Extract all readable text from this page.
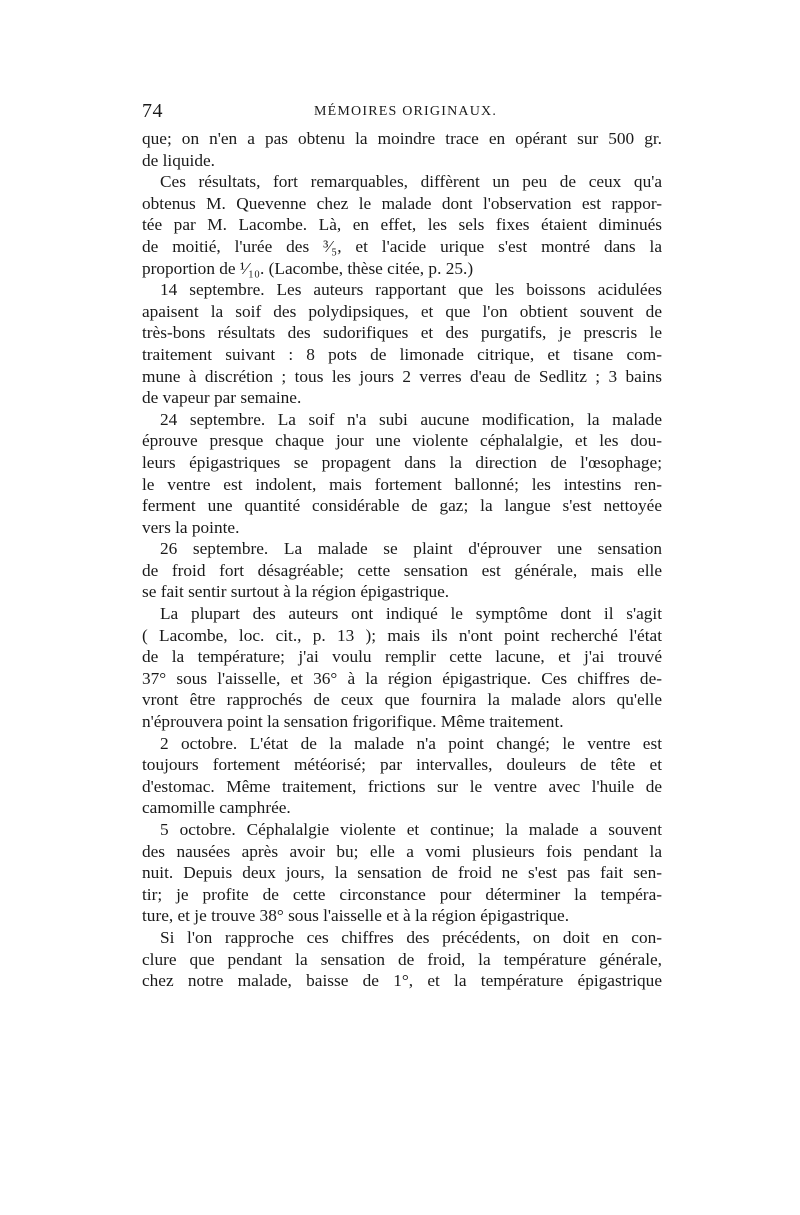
74	MÉMOIRES ORIGINAUX.
que; on n'en a pas obtenu la moindre trace en opérant sur 500 gr.
de liquide.
Ces résultats, fort remarquables, diffèrent un peu de ceux qu'a
obtenus M. Quevenne chez le malade dont l'observation est rappor-
tée par M. Lacombe. Là, en effet, les sels fixes étaient diminués
de moitié, l'urée des ³⁄₅, et l'acide urique s'est montré dans la
proportion de ¹⁄₁₀. (Lacombe, thèse citée, p. 25.)
14 septembre. Les auteurs rapportant que les boissons acidulées
apaisent la soif des polydipsiques, et que l'on obtient souvent de
très-bons résultats des sudorifiques et des purgatifs, je prescris le
traitement suivant : 8 pots de limonade citrique, et tisane com-
mune à discrétion ; tous les jours 2 verres d'eau de Sedlitz ; 3 bains
de vapeur par semaine.
24 septembre. La soif n'a subi aucune modification, la malade
éprouve presque chaque jour une violente céphalalgie, et les dou-
leurs épigastriques se propagent dans la direction de l'œsophage;
le ventre est indolent, mais fortement ballonné; les intestins ren-
ferment une quantité considérable de gaz; la langue s'est nettoyée
vers la pointe.
26 septembre. La malade se plaint d'éprouver une sensation
de froid fort désagréable; cette sensation est générale, mais elle
se fait sentir surtout à la région épigastrique.
La plupart des auteurs ont indiqué le symptôme dont il s'agit
( Lacombe, loc. cit., p. 13 ); mais ils n'ont point recherché l'état
de la température; j'ai voulu remplir cette lacune, et j'ai trouvé
37° sous l'aisselle, et 36° à la région épigastrique. Ces chiffres de-
vront être rapprochés de ceux que fournira la malade alors qu'elle
n'éprouvera point la sensation frigorifique. Même traitement.
2 octobre. L'état de la malade n'a point changé; le ventre est
toujours fortement météorisé; par intervalles, douleurs de tête et
d'estomac. Même traitement, frictions sur le ventre avec l'huile de
camomille camphrée.
5 octobre. Céphalalgie violente et continue; la malade a souvent
des nausées après avoir bu; elle a vomi plusieurs fois pendant la
nuit. Depuis deux jours, la sensation de froid ne s'est pas fait sen-
tir; je profite de cette circonstance pour déterminer la tempéra-
ture, et je trouve 38° sous l'aisselle et à la région épigastrique.
Si l'on rapproche ces chiffres des précédents, on doit en con-
clure que pendant la sensation de froid, la température générale,
chez notre malade, baisse de 1°, et la température épigastrique
